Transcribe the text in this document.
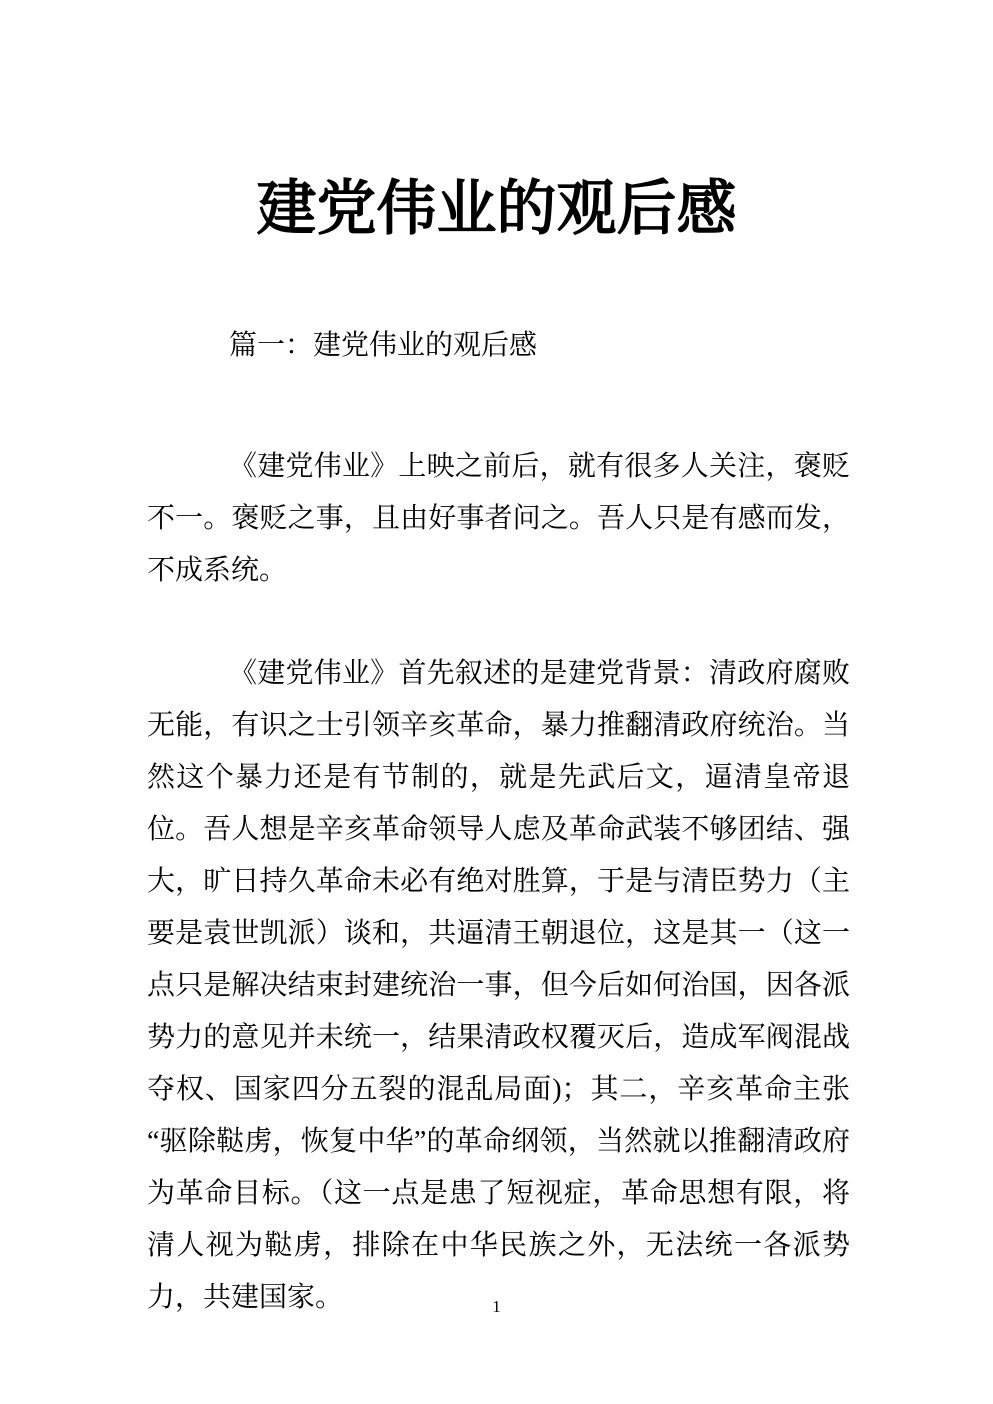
建党伟业的观后感

篇一：建党伟业的观后感

《建党伟业》上映之前后，就有很多人关注，褒贬不一。褒贬之事，且由好事者问之。吾人只是有感而发，不成系统。

《建党伟业》首先叙述的是建党背景：清政府腐败无能，有识之士引领辛亥革命，暴力推翻清政府统治。当然这个暴力还是有节制的，就是先武后文，逼清皇帝退位。吾人想是辛亥革命领导人虑及革命武装不够团结、强大，旷日持久革命未必有绝对胜算，于是与清臣势力（主要是袁世凯派）谈和，共逼清王朝退位，这是其一（这一点只是解决结束封建统治一事，但今后如何治国，因各派势力的意见并未统一，结果清政权覆灭后，造成军阀混战夺权、国家四分五裂的混乱局面)；其二，辛亥革命主张“驱除鞑虏，恢复中华”的革命纲领，当然就以推翻清政府为革命目标。（这一点是患了短视症，革命思想有限，将清人视为鞑虏，排除在中华民族之外，无法统一各派势力，共建国家。	1
